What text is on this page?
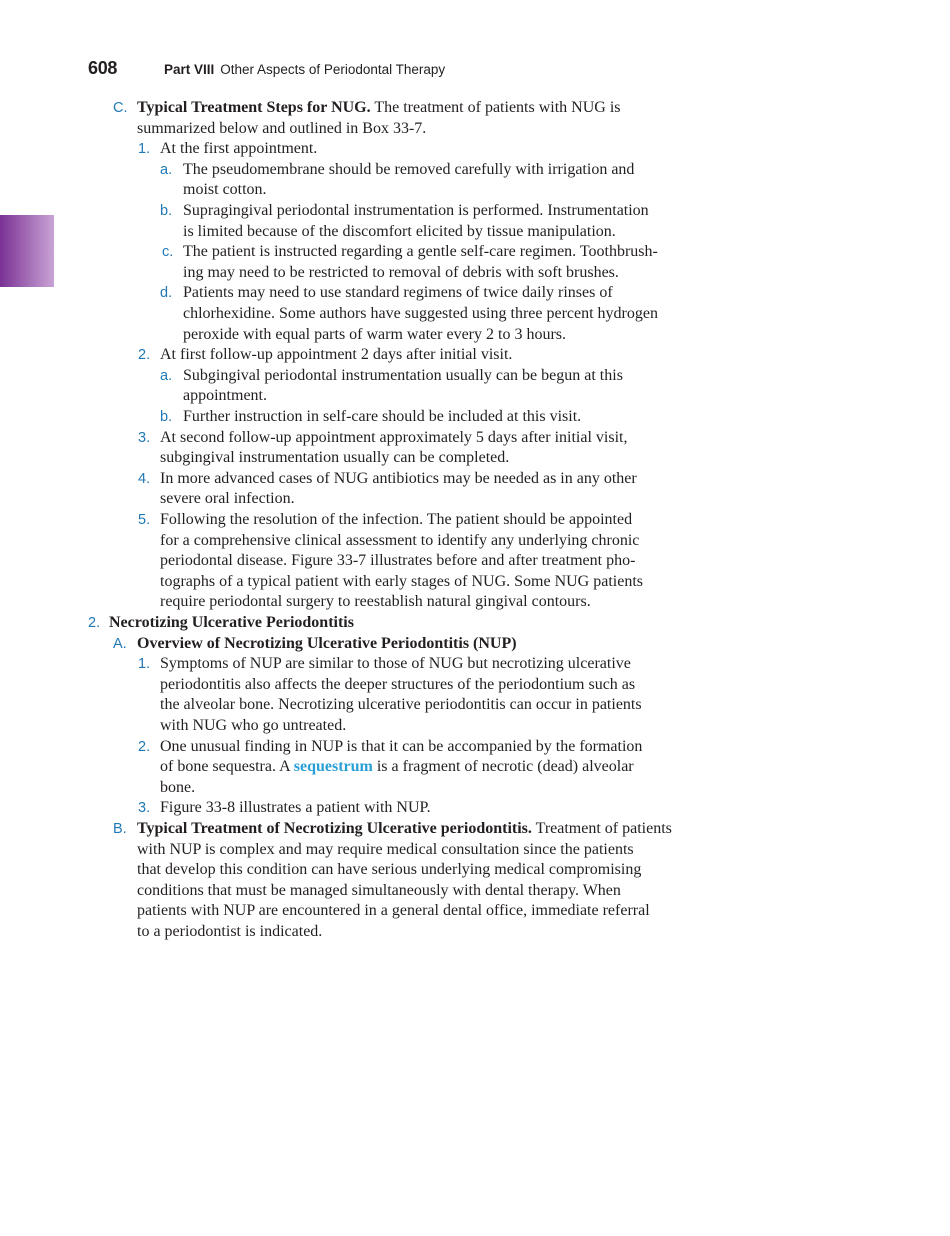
608	Part VIII Other Aspects of Periodontal Therapy
C. Typical Treatment Steps for NUG. The treatment of patients with NUG is
summarized below and outlined in Box 33-7.
1. At the first appointment.
a. The pseudomembrane should be removed carefully with irrigation and
moist cotton.
b. Supragingival periodontal instrumentation is performed. Instrumentation
is limited because of the discomfort elicited by tissue manipulation.
c. The patient is instructed regarding a gentle self-care regimen. Toothbrush-
ing may need to be restricted to removal of debris with soft brushes.
d. Patients may need to use standard regimens of twice daily rinses of
chlorhexidine. Some authors have suggested using three percent hydrogen
peroxide with equal parts of warm water every 2 to 3 hours.
2. At first follow-up appointment 2 days after initial visit.
a. Subgingival periodontal instrumentation usually can be begun at this
appointment.
b. Further instruction in self-care should be included at this visit.
3. At second follow-up appointment approximately 5 days after initial visit,
subgingival instrumentation usually can be completed.
4. In more advanced cases of NUG antibiotics may be needed as in any other
severe oral infection.
5. Following the resolution of the infection. The patient should be appointed
for a comprehensive clinical assessment to identify any underlying chronic
periodontal disease. Figure 33-7 illustrates before and after treatment pho-
tographs of a typical patient with early stages of NUG. Some NUG patients
require periodontal surgery to reestablish natural gingival contours.
2. Necrotizing Ulcerative Periodontitis
A. Overview of Necrotizing Ulcerative Periodontitis (NUP)
1. Symptoms of NUP are similar to those of NUG but necrotizing ulcerative
periodontitis also affects the deeper structures of the periodontium such as
the alveolar bone. Necrotizing ulcerative periodontitis can occur in patients
with NUG who go untreated.
2. One unusual finding in NUP is that it can be accompanied by the formation
of bone sequestra. A sequestrum is a fragment of necrotic (dead) alveolar
bone.
3. Figure 33-8 illustrates a patient with NUP.
B. Typical Treatment of Necrotizing Ulcerative periodontitis. Treatment of patients
with NUP is complex and may require medical consultation since the patients
that develop this condition can have serious underlying medical compromising
conditions that must be managed simultaneously with dental therapy. When
patients with NUP are encountered in a general dental office, immediate referral
to a periodontist is indicated.
